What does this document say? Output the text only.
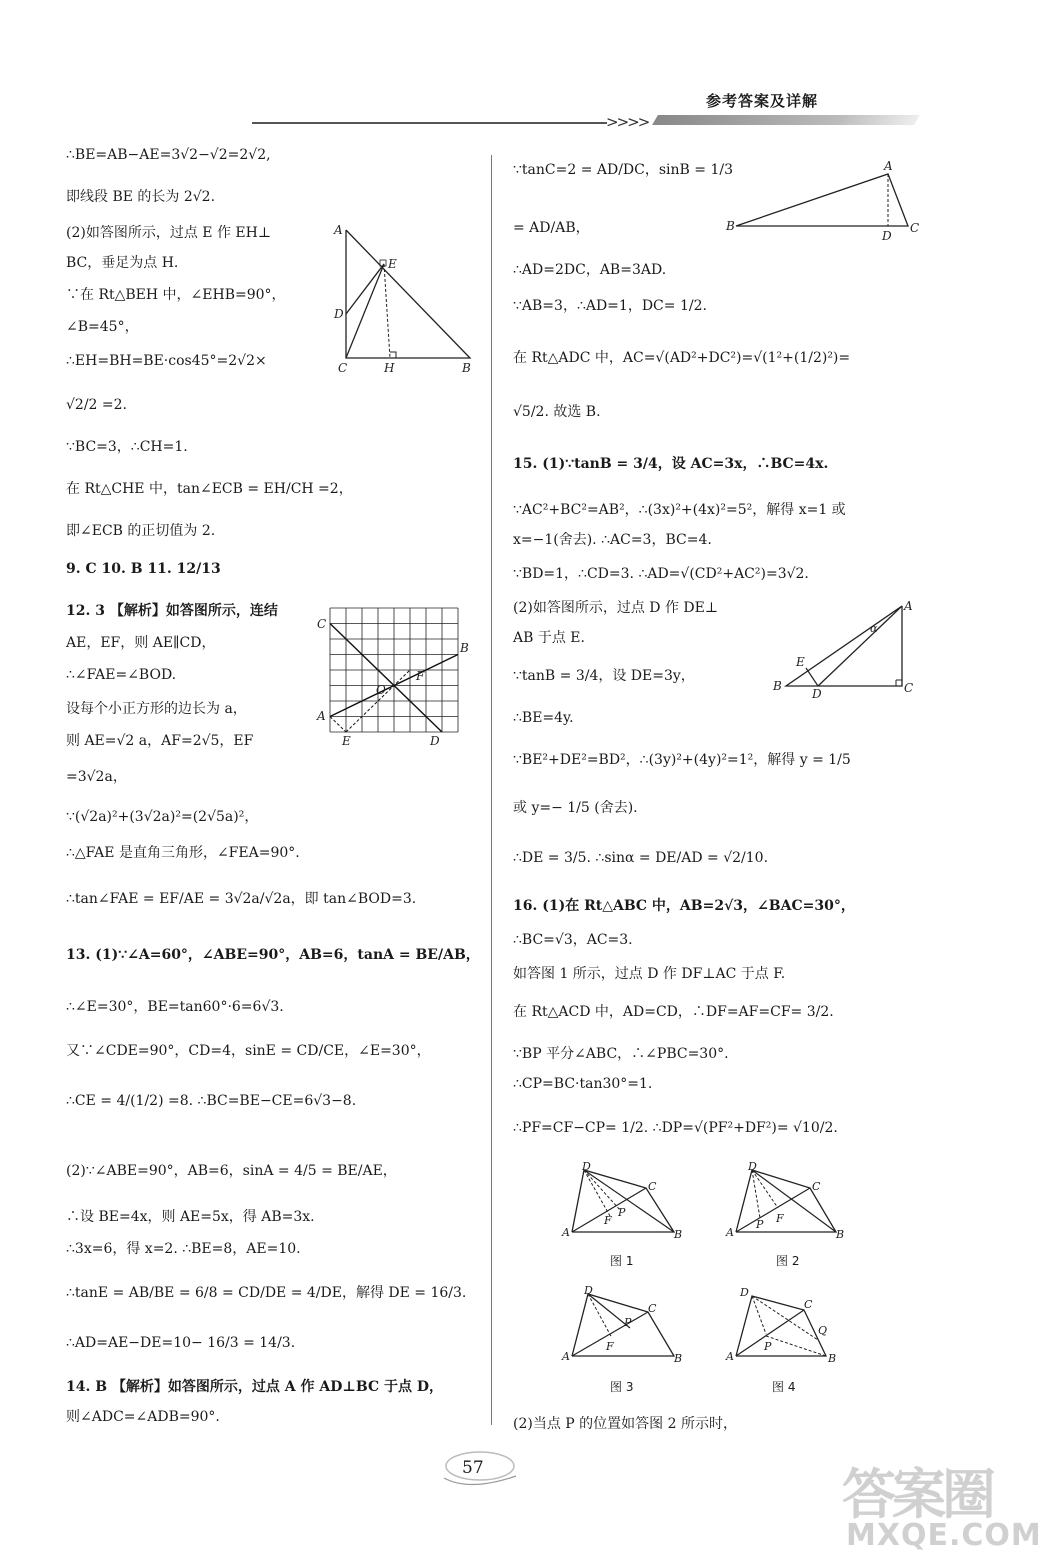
参考答案及详解
>>>>
∴BE=AB−AE=3√2−√2=2√2,
即线段 BE 的长为 2√2.
(2)如答图所示，过点 E 作 EH⊥
BC，垂足为点 H.
∵在 Rt△BEH 中，∠EHB=90°，
∠B=45°，
∴EH=BH=BE·cos45°=2√2×
√2/2 =2.
∵BC=3，∴CH=1.
在 Rt△CHE 中，tan∠ECB = EH/CH =2，
即∠ECB 的正切值为 2.
9. C 10. B 11. 12/13
12. 3 【解析】如答图所示，连结
AE，EF，则 AE∥CD，
∴∠FAE=∠BOD.
设每个小正方形的边长为 a，
则 AE=√2 a，AF=2√5，EF
=3√2a，
∵(√2a)²+(3√2a)²=(2√5a)²，
∴△FAE 是直角三角形，∠FEA=90°.
∴tan∠FAE = EF/AE = 3√2a/√2a，即 tan∠BOD=3.
13. (1)∵∠A=60°，∠ABE=90°，AB=6，tanA = BE/AB，
∴∠E=30°，BE=tan60°·6=6√3.
又∵∠CDE=90°，CD=4，sinE = CD/CE，∠E=30°，
∴CE = 4/(1/2) =8. ∴BC=BE−CE=6√3−8.
(2)∵∠ABE=90°，AB=6，sinA = 4/5 = BE/AE，
∴设 BE=4x，则 AE=5x，得 AB=3x.
∴3x=6，得 x=2. ∴BE=8，AE=10.
∴tanE = AB/BE = 6/8 = CD/DE = 4/DE，解得 DE = 16/3.
∴AD=AE−DE=10− 16/3 = 14/3.
14. B 【解析】如答图所示，过点 A 作 AD⊥BC 于点 D，
则∠ADC=∠ADB=90°.
∵tanC=2 = AD/DC，sinB = 1/3
= AD/AB，
∴AD=2DC，AB=3AD.
∵AB=3，∴AD=1，DC= 1/2.
在 Rt△ADC 中，AC=√(AD²+DC²)=√(1²+(1/2)²)=
√5/2. 故选 B.
15. (1)∵tanB = 3/4，设 AC=3x，∴BC=4x.
∵AC²+BC²=AB²，∴(3x)²+(4x)²=5²，解得 x=1 或
x=−1(舍去). ∴AC=3，BC=4.
∵BD=1，∴CD=3. ∴AD=√(CD²+AC²)=3√2.
(2)如答图所示，过点 D 作 DE⊥
AB 于点 E.
∵tanB = 3/4，设 DE=3y，
∴BE=4y.
∵BE²+DE²=BD²，∴(3y)²+(4y)²=1²，解得 y = 1/5
或 y=− 1/5 (舍去).
∴DE = 3/5. ∴sinα = DE/AD = √2/10.
16. (1)在 Rt△ABC 中，AB=2√3，∠BAC=30°，
∴BC=√3，AC=3.
如答图 1 所示，过点 D 作 DF⊥AC 于点 F.
在 Rt△ACD 中，AD=CD，∴DF=AF=CF= 3/2.
∵BP 平分∠ABC，∴∠PBC=30°.
∴CP=BC·tan30°=1.
∴PF=CF−CP= 1/2. ∴DP=√(PF²+DF²)= √10/2.
(2)当点 P 的位置如答图 2 所示时，
A
E
D
C	H	B
C
B
F
O
A
E	D
A
B
D
C
A
α
E
B
D	C
D
C
P
F
A	B
图 1
D
C
P F
A	B
图 2
D
C
P
F
A	B
图 3
D
C
Q
P
A	B
图 4
57	答案圈
MXQE.COM
